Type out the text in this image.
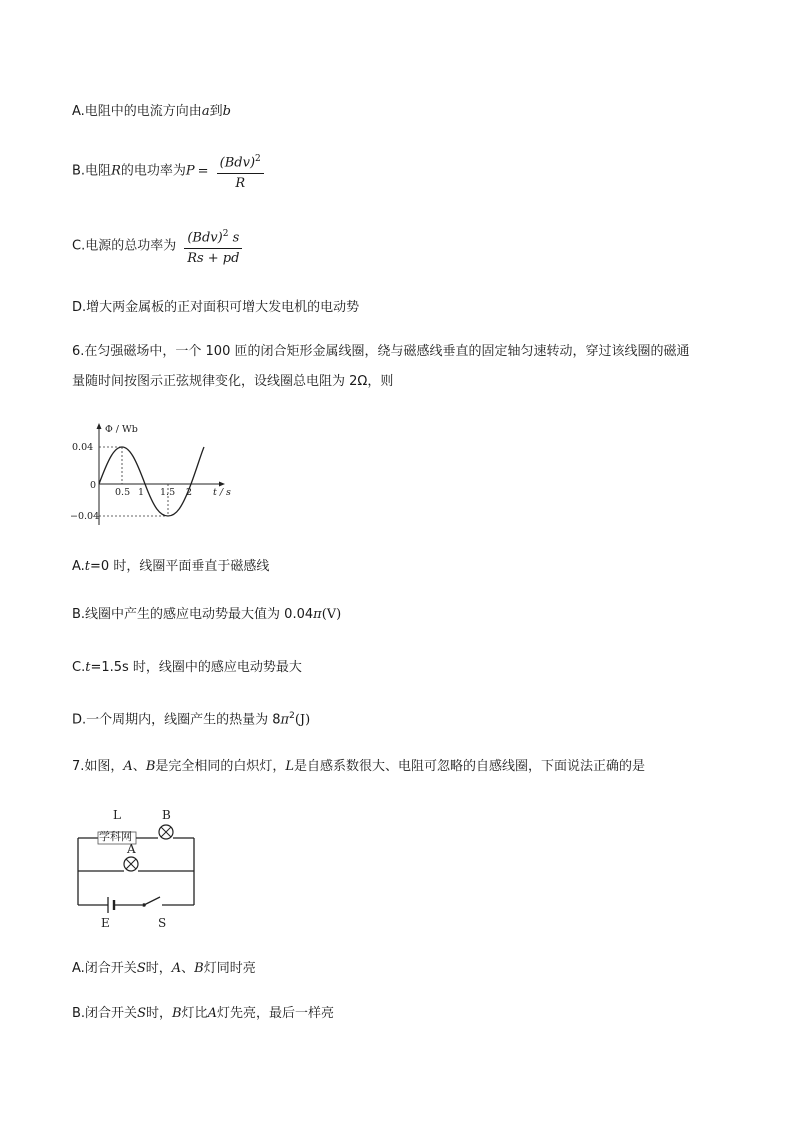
A.电阻中的电流方向由a到b
B.电阻R的电功率为$P = \frac{(Bdv)^2}{R}$
C.电源的总功率为 $\frac{(Bdv)^2 s}{Rs + pd}$
D.增大两金属板的正对面积可增大发电机的电动势
6.在匀强磁场中，一个 100 匝的闭合矩形金属线圈，绕与磁感线垂直的固定轴匀速转动，穿过该线圈的磁通
量随时间按图示正弦规律变化，设线圈总电阻为 2Ω，则
Φ / Wb
t / s
0.04
−0.04
0
0.5 1 1.5 2
A.t=0 时，线圈平面垂直于磁感线
B.线圈中产生的感应电动势最大值为 0.04π(V)
C.t=1.5s 时，线圈中的感应电动势最大
D.一个周期内，线圈产生的热量为 $8\pi^2(J)$
7.如图，A、B是完全相同的白炽灯，L是自感系数很大、电阻可忽略的自感线圈，下面说法正确的是
L	B
A
E	S
学科网
A.闭合开关S时，A、B灯同时亮
B.闭合开关S时，B灯比A灯先亮，最后一样亮
